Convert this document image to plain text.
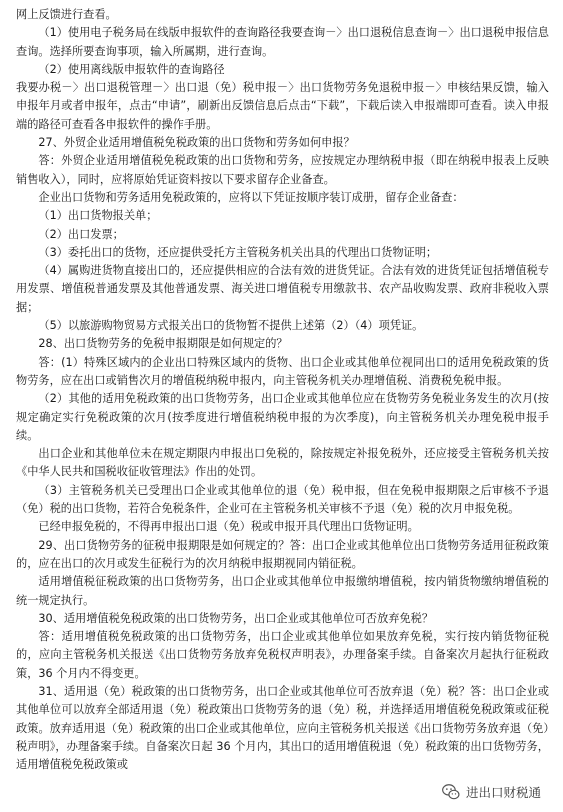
网上反馈进行查看。

（1）使用电子税务局在线版申报软件的查询路径我要查询－〉出口退税信息查询－〉出口退税申报信息查询。选择所要查询事项，输入所属期，进行查询。

（2）使用离线版申报软件的查询路径

我要办税－〉出口退税管理－〉出口退（免）税申报－〉出口货物劳务免退税申报－〉申核结果反馈，输入申报年月或者申报年，点击“申请”，刷新出反馈信息后点击“下载”，下载后读入申报端即可查看。读入申报端的路径可查看各申报软件的操作手册。

27、外贸企业适用增值税免税政策的出口货物和劳务如何申报？

答：外贸企业适用增值税免税政策的出口货物和劳务，应按规定办理纳税申报（即在纳税申报表上反映销售收入），同时，应将原始凭证资料按以下要求留存企业备查。

企业出口货物和劳务适用免税政策的，应将以下凭证按顺序装订成册，留存企业备查：

（1）出口货物报关单；

（2）出口发票；

（3）委托出口的货物，还应提供受托方主管税务机关出具的代理出口货物证明；

（4）属购进货物直接出口的，还应提供相应的合法有效的进货凭证。合法有效的进货凭证包括增值税专用发票、增值税普通发票及其他普通发票、海关进口增值税专用缴款书、农产品收购发票、政府非税收入票据；

（5）以旅游购物贸易方式报关出口的货物暂不提供上述第（2）（4）项凭证。

28、出口货物劳务的免税申报期限是如何规定的？

答：(1）特殊区域内的企业出口特殊区域内的货物、出口企业或其他单位视同出口的适用免税政策的货物劳务，应在出口或销售次月的增值税纳税申报内，向主管税务机关办理增值税、消费税免税申报。

（2）其他的适用免税政策的出口货物劳务，出口企业或其他单位应在货物劳务免税业务发生的次月(按规定确定实行免税政策的次月(按季度进行增值税纳税申报的为次季度)，向主管税务机关办理免税申报手续。

出口企业和其他单位未在规定期限内申报出口免税的，除按规定补报免税外，还应接受主管税务机关按《中华人民共和国税收征收管理法》作出的处罚。

（3）主管税务机关已受理出口企业或其他单位的退（免）税申报，但在免税申报期限之后审核不予退（免）税的出口货物，若符合免税条件，企业可在主管税务机关审核不予退（免）税的次月申报免税。

已经申报免税的，不得再申报出口退（免）税或申报开具代理出口货物证明。

29、出口货物劳务的征税申报期限是如何规定的？答：出口企业或其他单位出口货物劳务适用征税政策的，应在出口的次月或发生征税行为的次月纳税申报期视同内销征税。

适用增值税征税政策的出口货物劳务，出口企业或其他单位申报缴纳增值税，按内销货物缴纳增值税的统一规定执行。

30、适用增值税免税政策的出口货物劳务，出口企业或其他单位可否放弃免税？

答：适用增值税免税政策的出口货物劳务，出口企业或其他单位如果放弃免税，实行按内销货物征税的，应向主管税务机关报送《出口货物劳务放弃免税权声明表》，办理备案手续。自备案次月起执行征税政策，36 个月内不得变更。

31、适用退（免）税政策的出口货物劳务，出口企业或其他单位可否放弃退（免）税？答：出口企业或其他单位可以放弃全部适用退（免）税政策出口货物劳务的退（免）税，并选择适用增值税免税政策或征税政策。放弃适用退（免）税政策的出口企业或其他单位，应向主管税务机关报送《出口货物劳务放弃退（免）税声明》，办理备案手续。自备案次日起 36 个月内，其出口的适用增值税退（免）税政策的出口货物劳务，适用增值税免税政策或

进出口财税通
